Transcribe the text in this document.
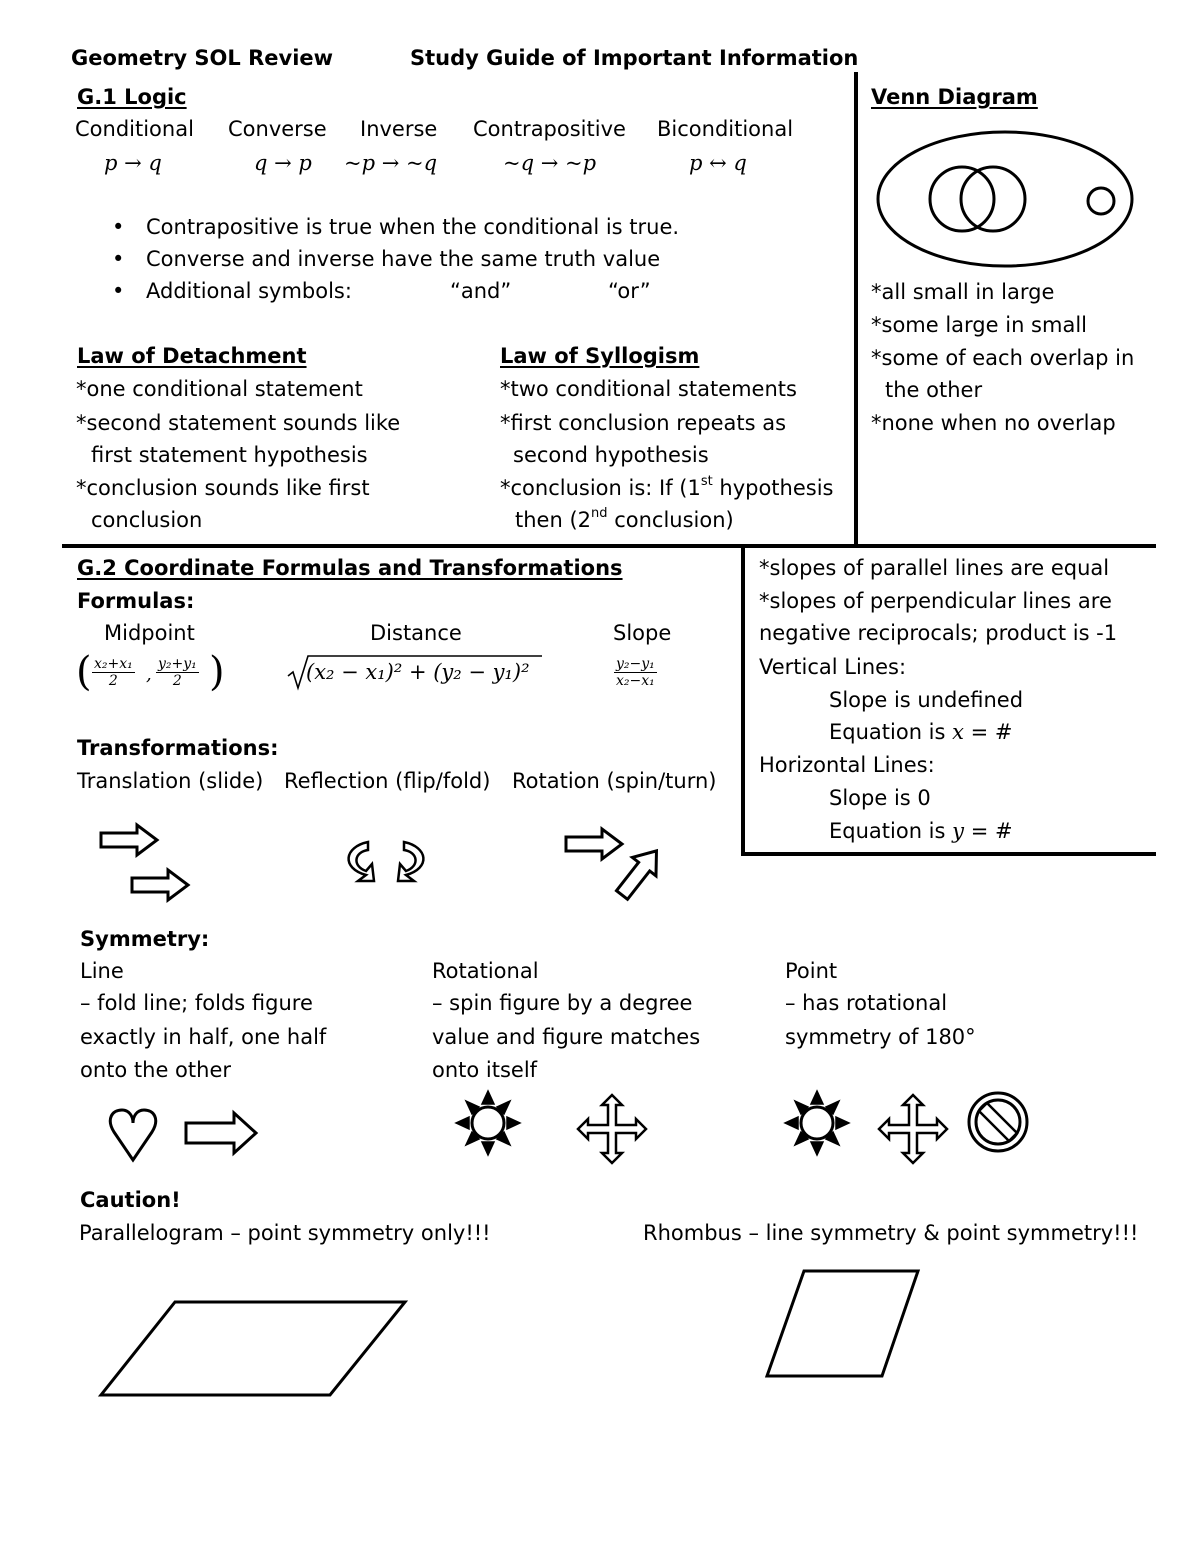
Geometry SOL Review	Study Guide of Important Information
G.1 Logic
Conditional Converse Inverse Contrapositive Biconditional
p → q	q → p ~p → ~q	~q → ~p	p ↔ q
• Contrapositive is true when the conditional is true.
• Converse and inverse have the same truth value
• Additional symbols:	“and”	“or”
Law of Detachment
*one conditional statement
*second statement sounds like
first statement hypothesis
*conclusion sounds like first
conclusion
Law of Syllogism
*two conditional statements
*first conclusion repeats as
second hypothesis
*conclusion is: If (1st hypothesis
then (2nd conclusion)
Venn Diagram
*all small in large
*some large in small
*some of each overlap in
the other
*none when no overlap
G.2 Coordinate Formulas and Transformations
Formulas:
Midpoint	Distance	Slope
( $\frac{\text{x₂+x₁}}{2}$ , $\frac{\text{y₂+y₁}}{2}$ )	(x₂ − x₁)² + (y₂ − y₁)²	$\frac{\text{y₂−y₁}}{\text{x₂−x₁}}$
Transformations:
Translation (slide) Reflection (flip/fold) Rotation (spin/turn)
*slopes of parallel lines are equal
*slopes of perpendicular lines are
negative reciprocals; product is -1
Vertical Lines:
Slope is undefined
Equation is x = #
Horizontal Lines:
Slope is 0
Equation is y = #
Symmetry:
Line
– fold line; folds figure
exactly in half, one half
onto the other
Rotational
– spin figure by a degree
value and figure matches
onto itself
Point
– has rotational
symmetry of 180°
Caution!
Parallelogram – point symmetry only!!!	Rhombus – line symmetry & point symmetry!!!
